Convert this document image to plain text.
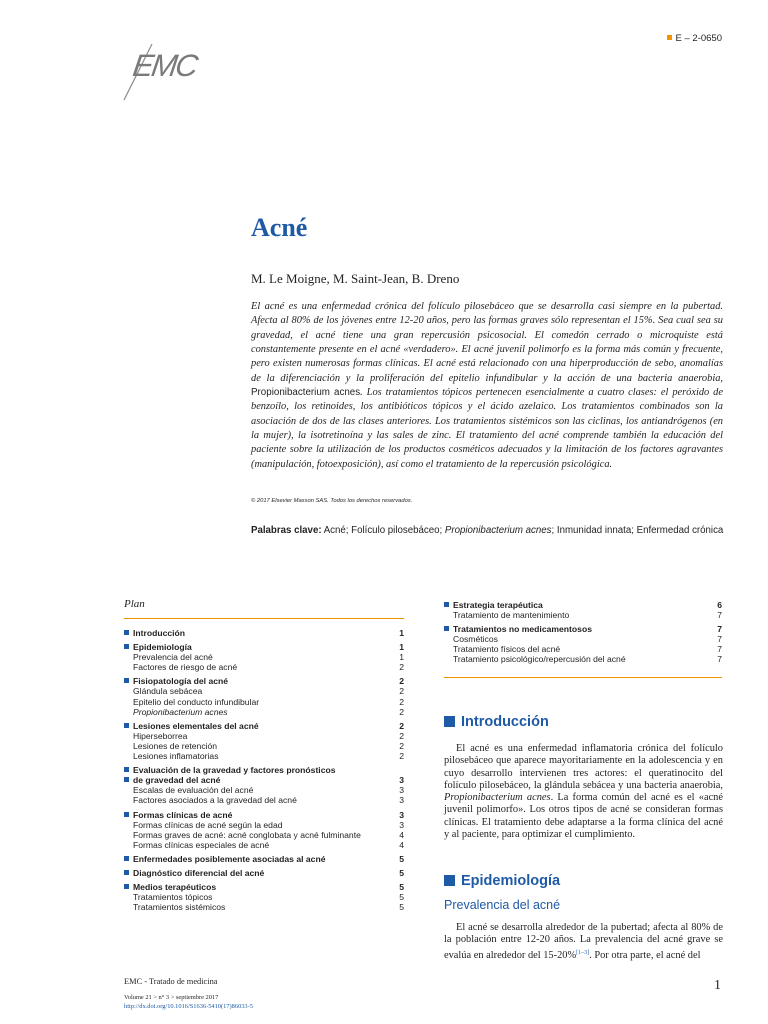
E – 2-0650
EMC
Acné
M. Le Moigne, M. Saint-Jean, B. Dreno
El acné es una enfermedad crónica del folículo pilosebáceo que se desarrolla casi siempre en la pubertad. Afecta al 80% de los jóvenes entre 12-20 años, pero las formas graves sólo representan el 15%. Sea cual sea su gravedad, el acné tiene una gran repercusión psicosocial. El comedón cerrado o microquiste está constantemente presente en el acné «verdadero». El acné juvenil polimorfo es la forma más común y frecuente, pero existen numerosas formas clínicas. El acné está relacionado con una hiperproducción de sebo, anomalías de la diferenciación y la proliferación del epitelio infundibular y la acción de una bacteria anaerobia, Propionibacterium acnes. Los tratamientos tópicos pertenecen esencialmente a cuatro clases: el peróxido de benzoílo, los retinoides, los antibióticos tópicos y el ácido azelaico. Los tratamientos combinados son la asociación de dos de las clases anteriores. Los tratamientos sistémicos son las ciclinas, los antiandrógenos (en la mujer), la isotretinoína y las sales de zinc. El tratamiento del acné comprende también la educación del paciente sobre la utilización de los productos cosméticos adecuados y la limitación de los factores agravantes (manipulación, fotoexposición), así como el tratamiento de la repercusión psicológica.
© 2017 Elsevier Masson SAS. Todos los derechos reservados.
Palabras clave: Acné; Folículo pilosebáceo; Propionibacterium acnes; Inmunidad innata; Enfermedad crónica
Plan
Introducción	1
Epidemiología	1
Prevalencia del acné	1
Factores de riesgo de acné	2
Fisiopatología del acné	2
Glándula sebácea	2
Epitelio del conducto infundibular	2
Propionibacterium acnes	2
Lesiones elementales del acné	2
Hiperseborrea	2
Lesiones de retención	2
Lesiones inflamatorias	2
Evaluación de la gravedad y factores pronósticos
de gravedad del acné	3
Escalas de evaluación del acné	3
Factores asociados a la gravedad del acné	3
Formas clínicas de acné	3
Formas clínicas de acné según la edad	3
Formas graves de acné: acné conglobata y acné fulminante	4
Formas clínicas especiales de acné	4
Enfermedades posiblemente asociadas al acné	5
Diagnóstico diferencial del acné	5
Medios terapéuticos	5
Tratamientos tópicos	5
Tratamientos sistémicos	5
Estrategia terapéutica	6
Tratamiento de mantenimiento	7
Tratamientos no medicamentosos	7
Cosméticos	7
Tratamiento físicos del acné	7
Tratamiento psicológico/repercusión del acné	7
Introducción
El acné es una enfermedad inflamatoria crónica del folículo pilosebáceo que aparece mayoritariamente en la adolescencia y en cuyo desarrollo intervienen tres actores: el queratinocito del folículo pilosebáceo, la glándula sebácea y una bacteria anaerobia, Propionibacterium acnes. La forma común del acné es el «acné juvenil polimorfo». Los otros tipos de acné se consideran formas clínicas. El tratamiento debe adaptarse a la forma clínica del acné y al paciente, para optimizar el cumplimiento.
Epidemiología
Prevalencia del acné
El acné se desarrolla alrededor de la pubertad; afecta al 80% de la población entre 12-20 años. La prevalencia del acné grave se evalúa en alrededor del 15-20%[1–3]. Por otra parte, el acné del
EMC - Tratado de medicina
Volume 21 > n° 3 > septiembre 2017
http://dx.doi.org/10.1016/S1636-5410(17)86033-5
1
